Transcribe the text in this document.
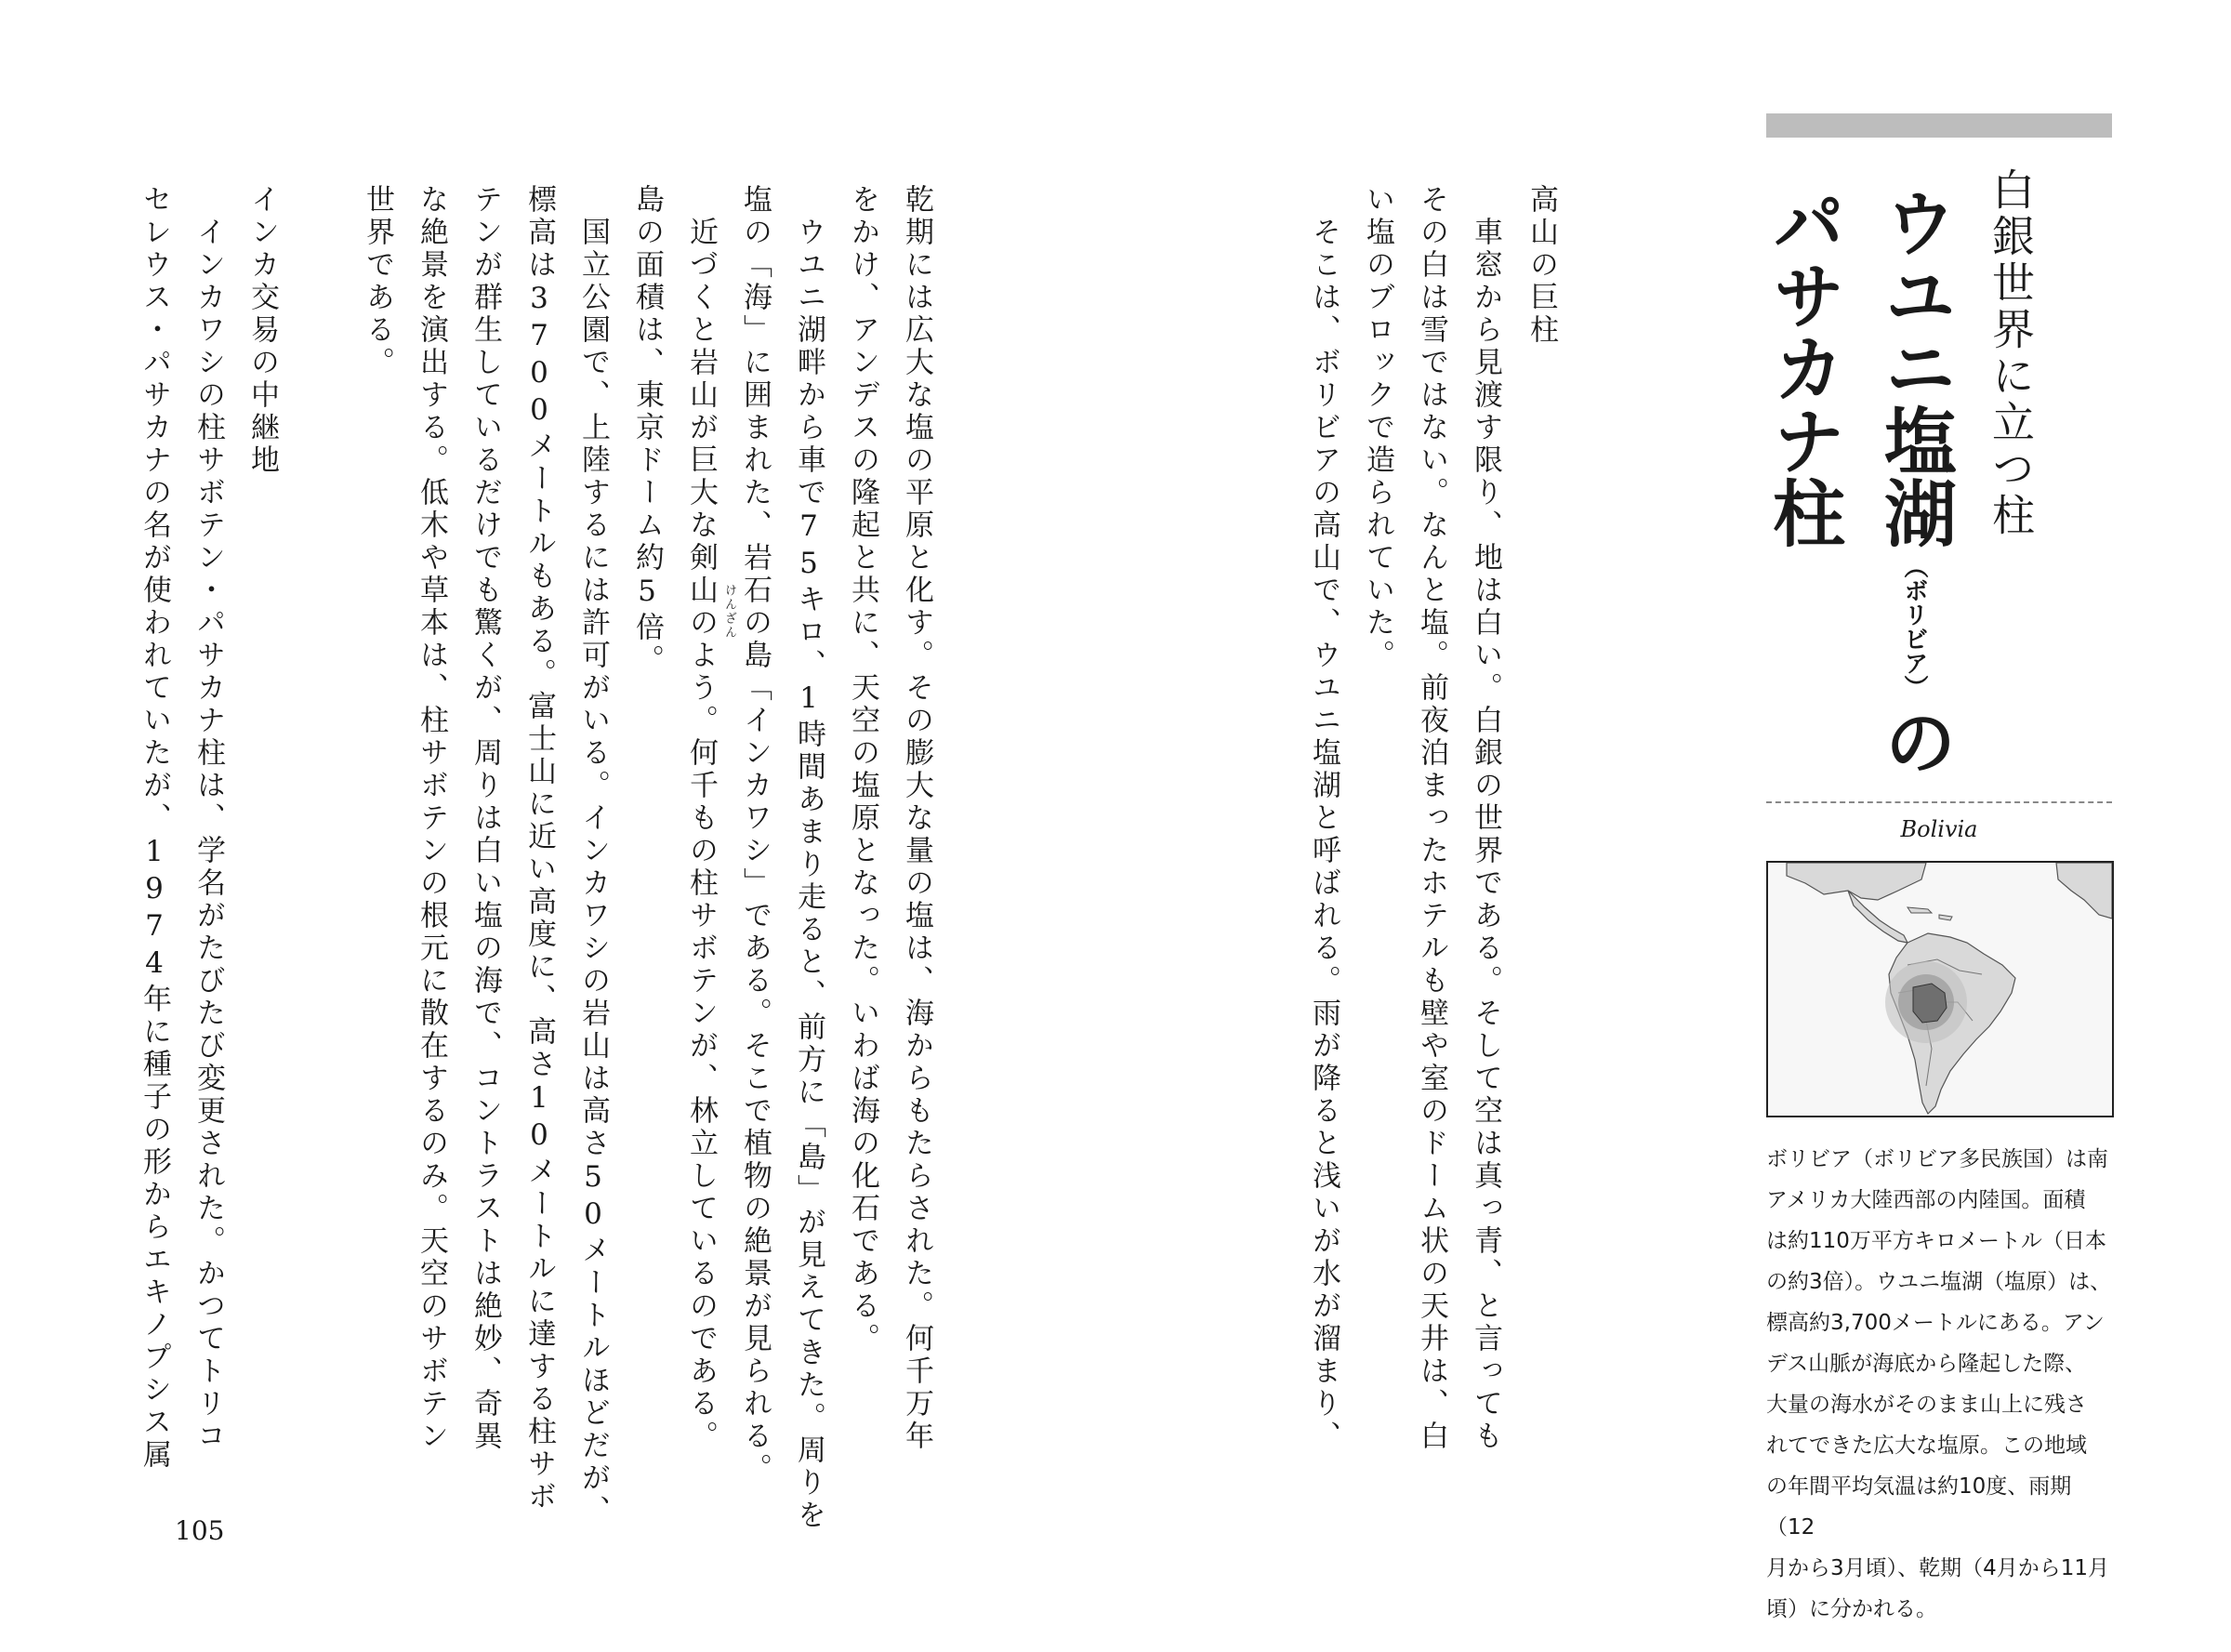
白銀世界に立つ柱
ウユニ塩湖（ボリビア）の
パサカナ柱
Bolivia

ボリビア（ボリビア多民族国）は南

アメリカ大陸西部の内陸国。面積

は約110万平方キロメートル（日本

の約3倍）。ウユニ塩湖（塩原）は、

標高約3,700メートルにある。アン

デス山脈が海底から隆起した際、

大量の海水がそのまま山上に残さ

れてできた広大な塩原。この地域

の年間平均気温は約10度、雨期（12

月から3月頃）、乾期（4月から11月

頃）に分かれる。

高山の巨柱
　車窓から見渡す限り、地は白い。白銀の世界である。そして空は真っ青、と言っても
その白は雪ではない。なんと塩。前夜泊まったホテルも壁や室のドーム状の天井は、白
い塩のブロックで造られていた。
　そこは、ボリビアの高山で、ウユニ塩湖と呼ばれる。雨が降ると浅いが水が溜まり、
乾期には広大な塩の平原と化す。その膨大な量の塩は、海からもたらされた。何千万年
をかけ、アンデスの隆起と共に、天空の塩原となった。いわば海の化石である。
　ウユニ湖畔から車で75キロ、1時間あまり走ると、前方に「島」が見えてきた。周りを
塩の「海」に囲まれた、岩石の島「インカワシ」である。そこで植物の絶景が見られる。
　近づくと岩山が巨大な剣山のよう。何千もの柱サボテンが、林立しているのである。
島の面積は、東京ドーム約5倍。
　国立公園で、上陸するには許可がいる。インカワシの岩山は高さ50メートルほどだが、
標高は3700メートルもある。富士山に近い高度に、高さ10メートルに達する柱サボ
テンが群生しているだけでも驚くが、周りは白い塩の海で、コントラストは絶妙、奇異
な絶景を演出する。低木や草本は、柱サボテンの根元に散在するのみ。天空のサボテン
世界である。
けんざん
インカ交易の中継地
　インカワシの柱サボテン・パサカナ柱は、学名がたびたび変更された。かつてトリコ
セレウス・パサカナの名が使われていたが、1974年に種子の形からエキノプシス属
105
